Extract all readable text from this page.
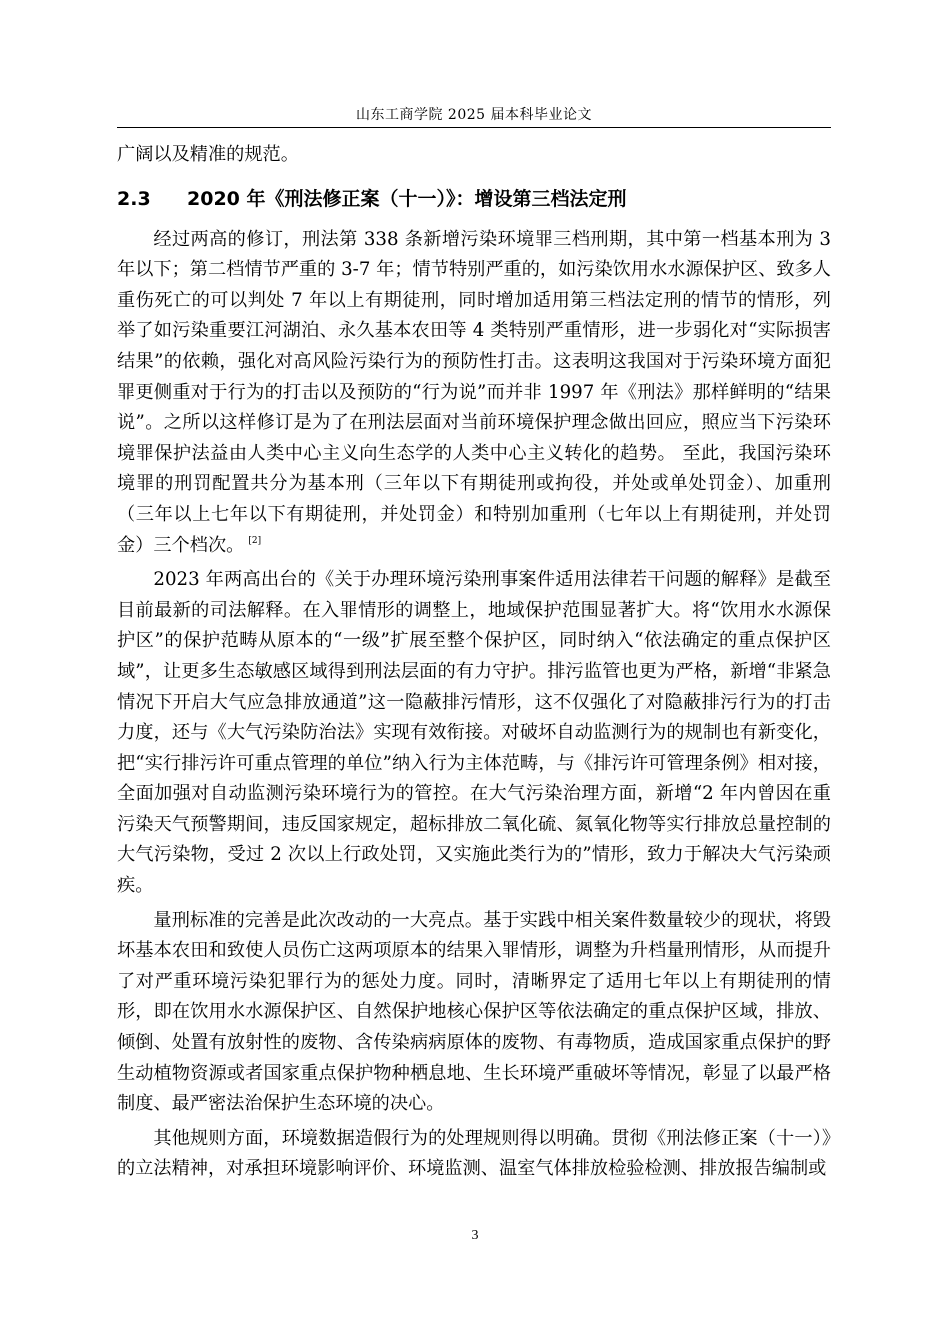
山东工商学院 2025 届本科毕业论文

广阔以及精准的规范。

2.3 2020 年《刑法修正案（十一）》：增设第三档法定刑

经过两高的修订，刑法第 338 条新增污染环境罪三档刑期，其中第一档基本刑为 3 年以下；第二档情节严重的 3-7 年；情节特别严重的，如污染饮用水水源保护区、致多人重伤死亡的可以判处 7 年以上有期徒刑，同时增加适用第三档法定刑的情节的情形，列举了如污染重要江河湖泊、永久基本农田等 4 类特别严重情形，进一步弱化对“实际损害结果”的依赖，强化对高风险污染行为的预防性打击。这表明这我国对于污染环境方面犯罪更侧重对于行为的打击以及预防的“行为说”而并非 1997 年《刑法》那样鲜明的“结果说”。之所以这样修订是为了在刑法层面对当前环境保护理念做出回应，照应当下污染环境罪保护法益由人类中心主义向生态学的人类中心主义转化的趋势。 至此，我国污染环境罪的刑罚配置共分为基本刑（三年以下有期徒刑或拘役，并处或单处罚金）、加重刑（三年以上七年以下有期徒刑，并处罚金）和特别加重刑（七年以上有期徒刑，并处罚金）三个档次。 [2]

2023 年两高出台的《关于办理环境污染刑事案件适用法律若干问题的解释》是截至目前最新的司法解释。在入罪情形的调整上，地域保护范围显著扩大。将“饮用水水源保护区”的保护范畴从原本的“一级”扩展至整个保护区，同时纳入“依法确定的重点保护区域”，让更多生态敏感区域得到刑法层面的有力守护。排污监管也更为严格，新增“非紧急情况下开启大气应急排放通道”这一隐蔽排污情形，这不仅强化了对隐蔽排污行为的打击力度，还与《大气污染防治法》实现有效衔接。对破坏自动监测行为的规制也有新变化，把“实行排污许可重点管理的单位”纳入行为主体范畴，与《排污许可管理条例》相对接，全面加强对自动监测污染环境行为的管控。在大气污染治理方面，新增“2 年内曾因在重污染天气预警期间，违反国家规定，超标排放二氧化硫、氮氧化物等实行排放总量控制的大气污染物，受过 2 次以上行政处罚，又实施此类行为的”情形，致力于解决大气污染顽疾。

量刑标准的完善是此次改动的一大亮点。基于实践中相关案件数量较少的现状，将毁坏基本农田和致使人员伤亡这两项原本的结果入罪情形，调整为升档量刑情形，从而提升了对严重环境污染犯罪行为的惩处力度。同时，清晰界定了适用七年以上有期徒刑的情形，即在饮用水水源保护区、自然保护地核心保护区等依法确定的重点保护区域，排放、倾倒、处置有放射性的废物、含传染病病原体的废物、有毒物质，造成国家重点保护的野生动植物资源或者国家重点保护物种栖息地、生长环境严重破坏等情况，彰显了以最严格制度、最严密法治保护生态环境的决心。

其他规则方面，环境数据造假行为的处理规则得以明确。贯彻《刑法修正案（十一）》的立法精神，对承担环境影响评价、环境监测、温室气体排放检验检测、排放报告编制或

3
